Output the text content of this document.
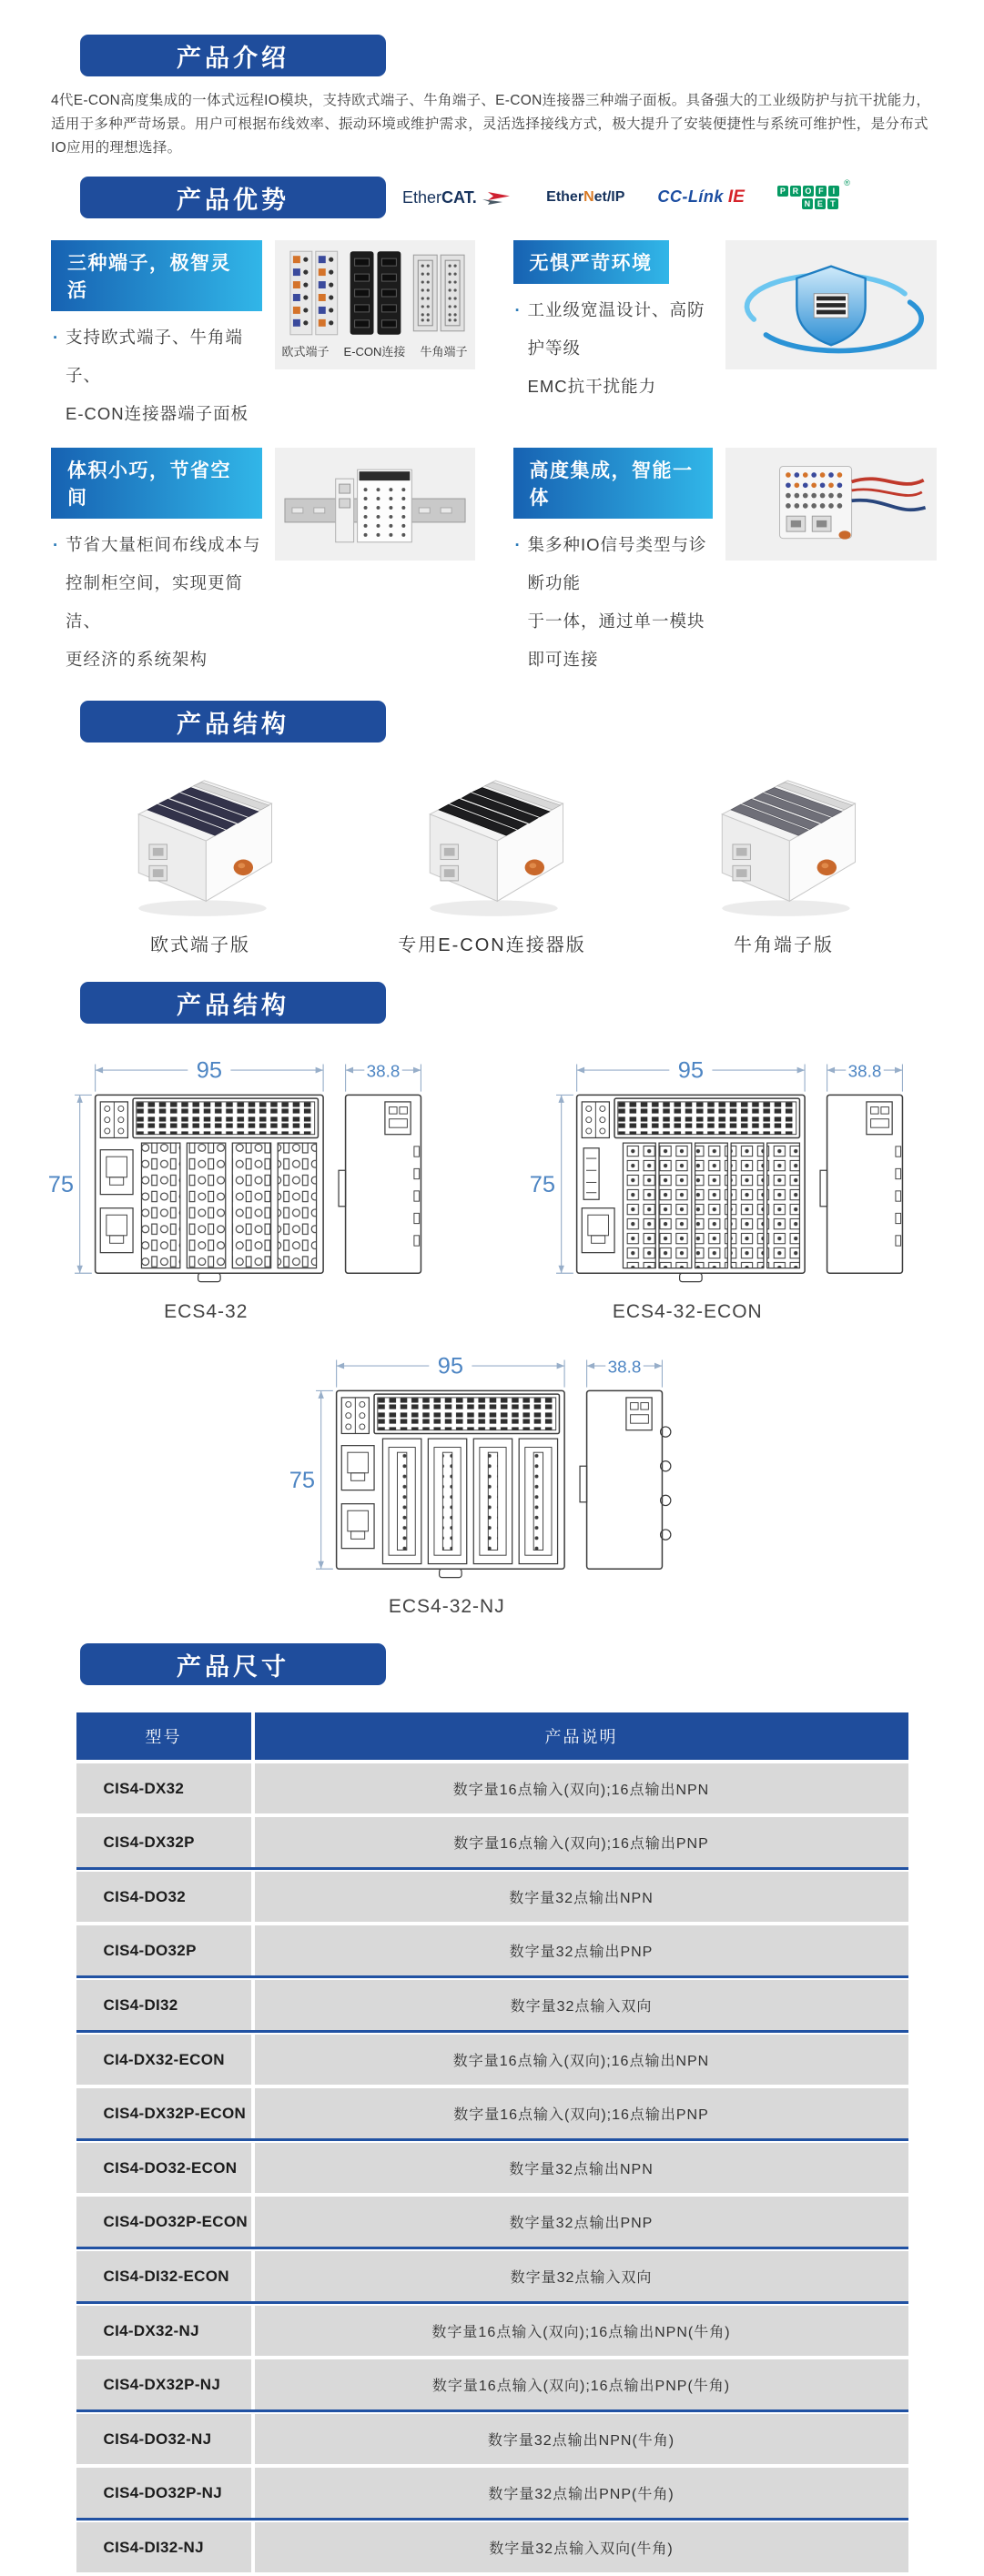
产品介绍

4代E-CON高度集成的一体式远程IO模块，支持欧式端子、牛角端子、E-CON连接器三种端子面板。具备强大的工业级防护与抗干扰能力，适用于多种严苛场景。用户可根据布线效率、振动环境或维护需求，灵活选择接线方式，极大提升了安装便捷性与系统可维护性，是分布式IO应用的理想选择。

产品优势	EtherCAT.	EtherNet/IP CC-Línk IE	P R O F I
®
N E T
三种端子，极智灵活
· 支持欧式端子、牛角端子、
E-CON连接器端子面板
欧式端子 E-CON连接 牛角端子
无惧严苛环境
· 工业级宽温设计、高防护等级
EMC抗干扰能力
体积小巧，节省空间
· 节省大量柜间布线成本与
控制柜空间，实现更简洁、
更经济的系统架构
高度集成，智能一体
· 集多种IO信号类型与诊断功能
于一体，通过单一模块即可连接
产品结构
欧式端子版	专用E-CON连接器版	牛角端子版
产品结构
95	38.8
75
ECS4-32
95	38.8
75
ECS4-32-ECON
95	38.8
75
ECS4-32-NJ
产品尺寸
型号	产品说明
CIS4-DX32	数字量16点输入(双向);16点输出NPN
CIS4-DX32P	数字量16点输入(双向);16点输出PNP
CIS4-DO32	数字量32点输出NPN
CIS4-DO32P	数字量32点输出PNP
CIS4-DI32	数字量32点输入双向
CI4-DX32-ECON	数字量16点输入(双向);16点输出NPN
CIS4-DX32P-ECON	数字量16点输入(双向);16点输出PNP
CIS4-DO32-ECON	数字量32点输出NPN
CIS4-DO32P-ECON	数字量32点输出PNP
CIS4-DI32-ECON	数字量32点输入双向
CI4-DX32-NJ	数字量16点输入(双向);16点输出NPN(牛角)
CIS4-DX32P-NJ	数字量16点输入(双向);16点输出PNP(牛角)
CIS4-DO32-NJ	数字量32点输出NPN(牛角)
CIS4-DO32P-NJ	数字量32点输出PNP(牛角)
CIS4-DI32-NJ	数字量32点输入双向(牛角)
